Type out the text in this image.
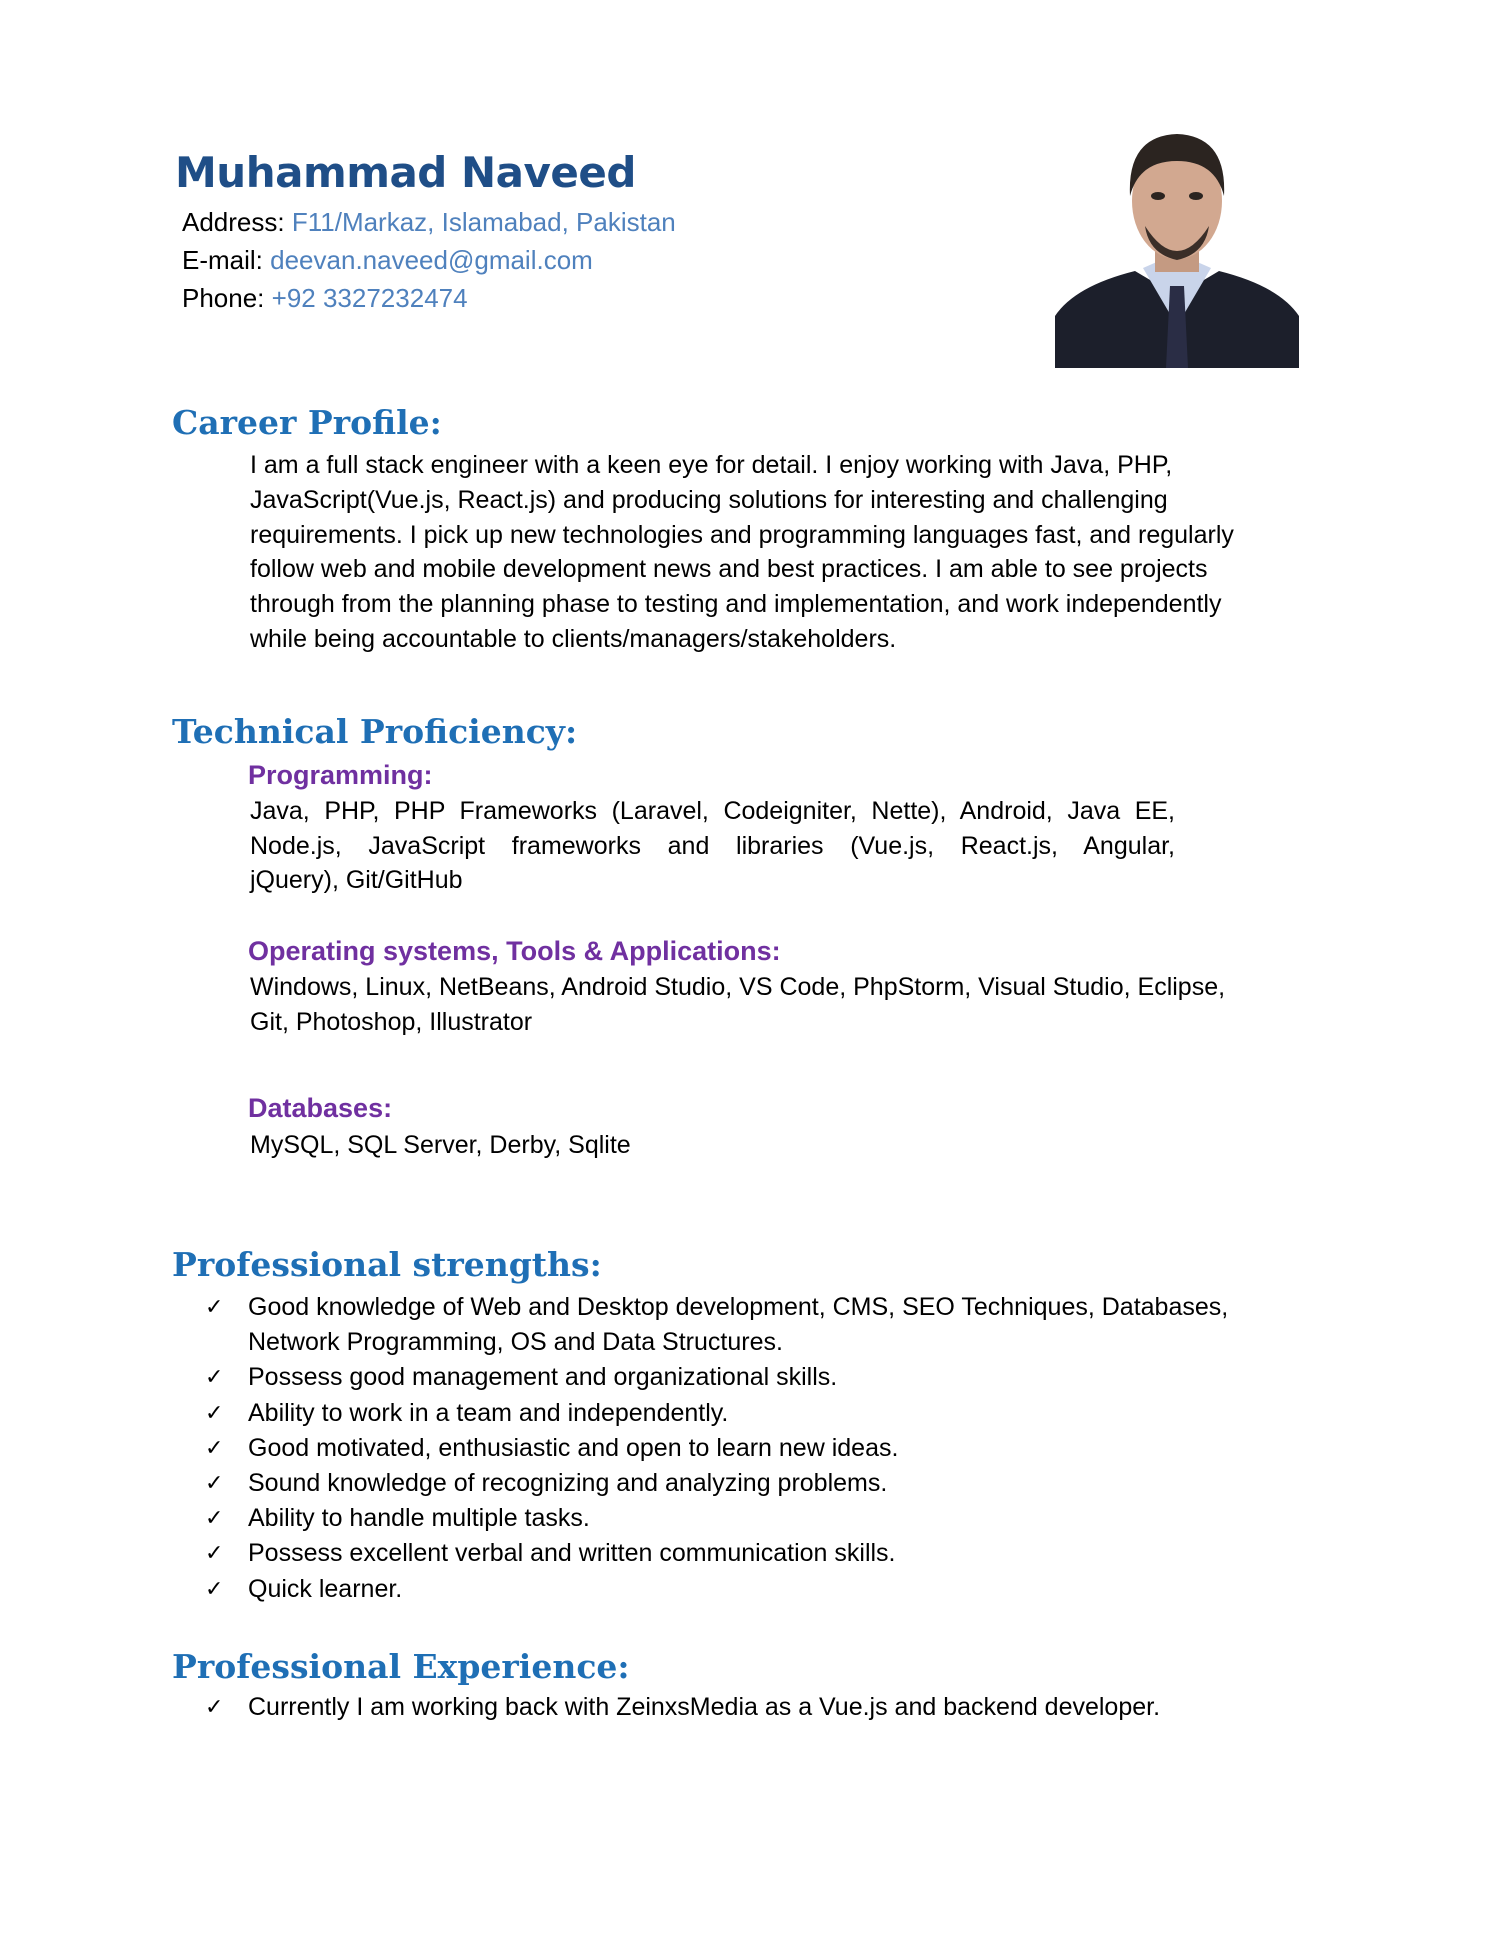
Muhammad Naveed
Address: F11/Markaz, Islamabad, Pakistan
E-mail: deevan.naveed@gmail.com
Phone: +92 3327232474
Career Profile:
I am a full stack engineer with a keen eye for detail. I enjoy working with Java, PHP,
JavaScript(Vue.js, React.js) and producing solutions for interesting and challenging
requirements. I pick up new technologies and programming languages fast, and regularly
follow web and mobile development news and best practices. I am able to see projects
through from the planning phase to testing and implementation, and work independently
while being accountable to clients/managers/stakeholders.
Technical Proficiency:
Programming:
Java, PHP, PHP Frameworks (Laravel, Codeigniter, Nette), Android, Java EE,
Node.js, JavaScript frameworks and libraries (Vue.js, React.js, Angular,
jQuery), Git/GitHub
Operating systems, Tools & Applications:
Windows, Linux, NetBeans, Android Studio, VS Code, PhpStorm, Visual Studio, Eclipse,
Git, Photoshop, Illustrator
Databases:
MySQL, SQL Server, Derby, Sqlite
Professional strengths:
✓ Good knowledge of Web and Desktop development, CMS, SEO Techniques, Databases,
Network Programming, OS and Data Structures.
✓ Possess good management and organizational skills.
✓ Ability to work in a team and independently.
✓ Good motivated, enthusiastic and open to learn new ideas.
✓ Sound knowledge of recognizing and analyzing problems.
✓ Ability to handle multiple tasks.
✓ Possess excellent verbal and written communication skills.
✓ Quick learner.
Professional Experience:
✓ Currently I am working back with ZeinxsMedia as a Vue.js and backend developer.
